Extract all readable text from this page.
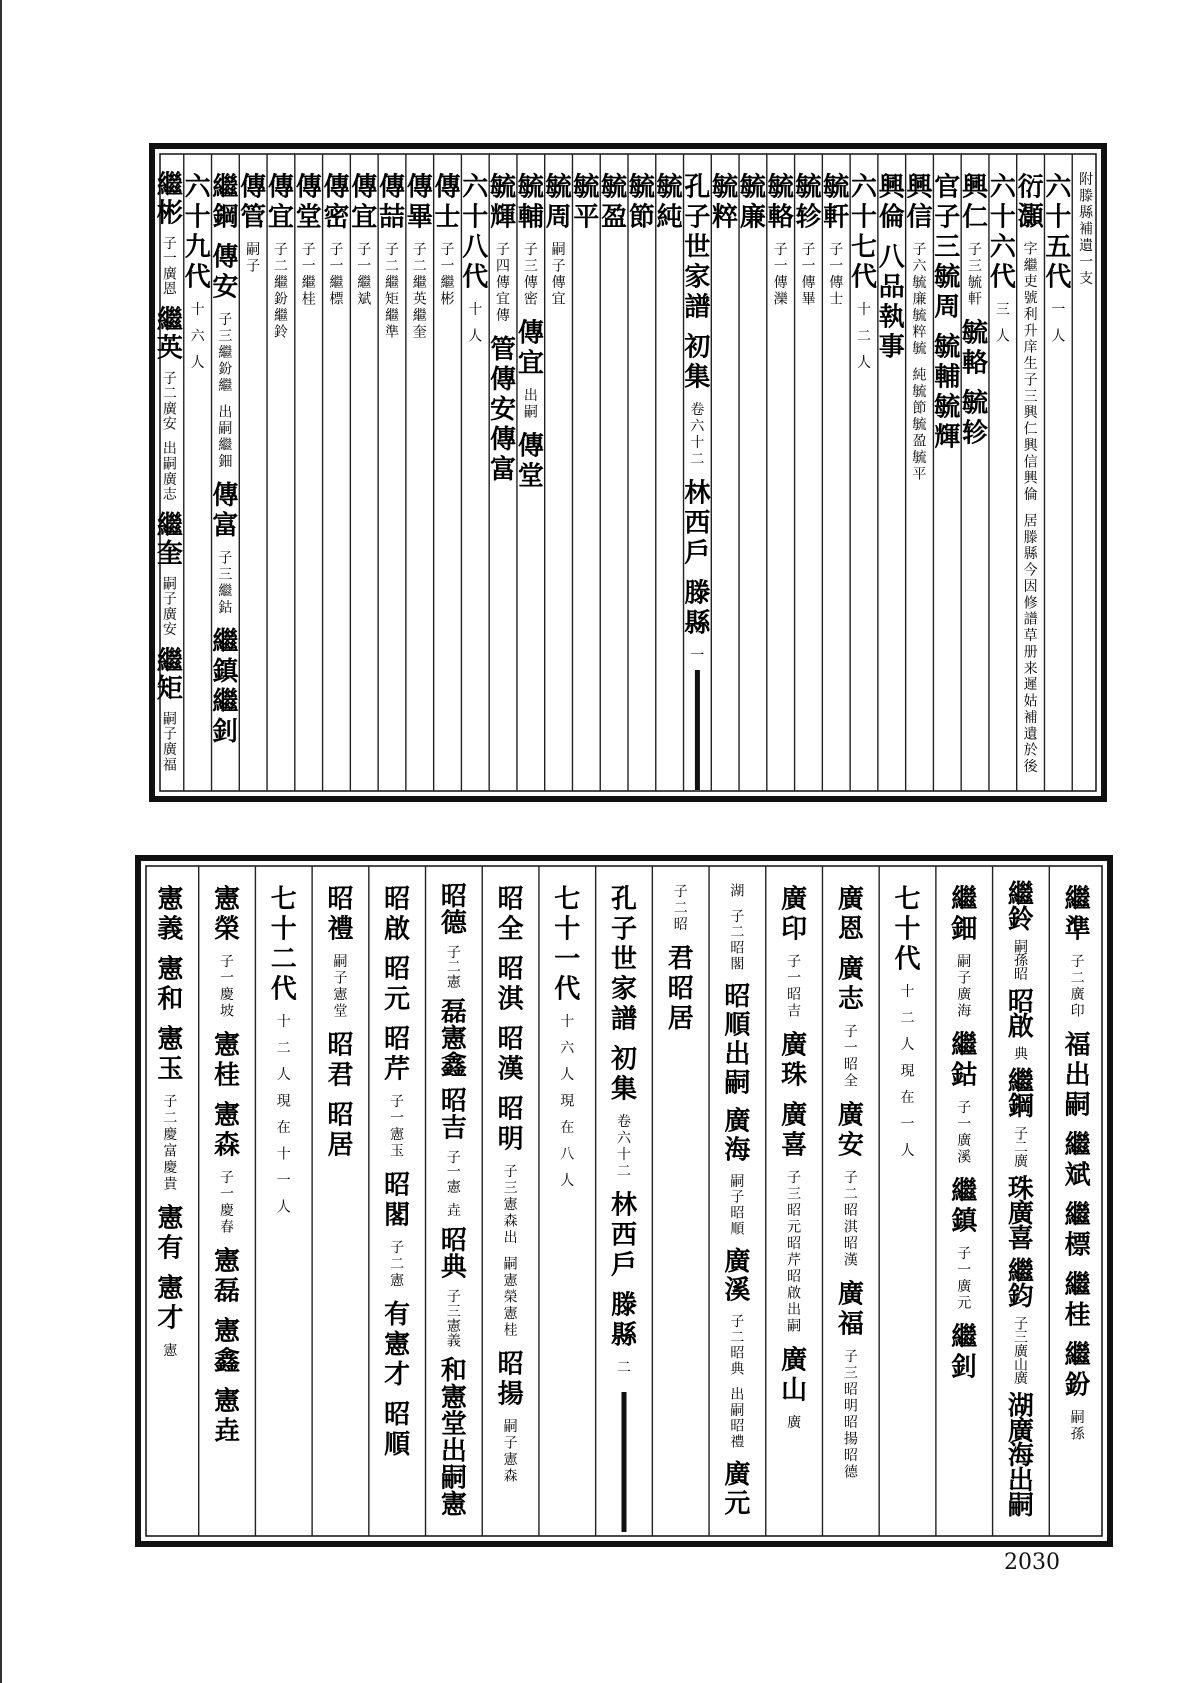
附
滕
縣
補
遺
一
支
六
十
五
代
一
人
衍
灝
字
繼
吏
號
利
升
庠
生
子
三
興
仁
興
信
興
倫
居
滕
縣
今
因
修
譜
草
册
来
遲
姑
補
遺
於
後
六
十
六
代
三
人
興
仁
子
三
毓
軒
毓
輅
毓
轸
官
子
三
毓
周
毓
輔
毓
輝
興
信
子
六
毓
廉
毓
粹
毓
純
毓
節
毓
盈
毓
平
興
倫
八
品
執
事
六
十
七
代
十
二
人
毓
軒
子
一
傳
士
毓
轸
子
一
傳
畢
毓
輅
子
一
傳
灤
毓
廉
毓
粹
孔
子
世
家
譜
初
集
卷
六
十
二
林
西
戶
滕
縣
一
毓
純
毓
節
毓
盈
毓
平
毓
周
嗣
子
傳
宜
毓
輔
子
三
傳
密
傳
宜
出
嗣
傳
堂
毓
輝
子
四
傳
宜
傳
管
傳
安
傳
富
六
十
八
代
十
人
傳
士
子
一
繼
彬
傳
畢
子
二
繼
英
繼
奎
傳
喆
子
二
繼
矩
繼
準
傳
宜
子
一
繼
斌
傳
密
子
一
繼
標
傳
堂
子
一
繼
桂
傳
宜
子
二
繼
鈖
繼
鈴
傳
管
嗣
子
繼
鋼
傳
安
子
三
繼
鈖
繼
出
嗣
繼
鈿
傳
富
子
三
繼
鈷
繼
鎮
繼
釗
六
十
九
代
十
六
人
繼
彬
子
一
廣
恩
繼
英
子
二
廣
安
出
嗣
廣
志
繼
奎
嗣
子
廣
安
繼
矩
嗣
子
廣
福
繼
準
子
二
廣
印
福
出
嗣
繼
斌
繼
標
繼
桂
繼
鈖
嗣
孫
繼
鈴
嗣
孫
昭
昭
啟
典
繼
鋼
子
二
廣
珠
廣
喜
繼
鈞
子
三
廣
山
廣
湖
廣
海
出
嗣
繼
鈿
嗣
子
廣
海
繼
鈷
子
一
廣
溪
繼
鎮
子
一
廣
元
繼
釗
七
十
代
十
二
人
現
在
一
人
廣
恩
廣
志
子
一
昭
全
廣
安
子
二
昭
淇
昭
漢
廣
福
子
三
昭
明
昭
揚
昭
德
廣
印
子
一
昭
吉
廣
珠
廣
喜
子
三
昭
元
昭
芹
昭
啟
出
嗣
廣
山
廣
湖
子
二
昭
閣
昭
順
出
嗣
廣
海
嗣
子
昭
順
廣
溪
子
二
昭
典
出
嗣
昭
禮
廣
元
子
二
昭
君
昭
居
孔
子
世
家
譜
初
集
卷
六
十
二
林
西
戶
滕
縣
二
七
十
一
代
十
六
人
現
在
八
人
昭
全
昭
淇
昭
漢
昭
明
子
三
憲
森
出
嗣
憲
榮
憲
桂
昭
揚
嗣
子
憲
森
昭
德
子
二
憲
磊
憲
鑫
昭
吉
子
一
憲
垚
昭
典
子
三
憲
義
和
憲
堂
出
嗣
憲
昭
啟
昭
元
昭
芹
子
一
憲
玉
昭
閣
子
二
憲
有
憲
才
昭
順
昭
禮
嗣
子
憲
堂
昭
君
昭
居
七
十
二
代
十
二
人
現
在
十
一
人
憲
榮
子
一
慶
坡
憲
桂
憲
森
子
一
慶
春
憲
磊
憲
鑫
憲
垚
憲
義
憲
和
憲
玉
子
二
慶
富
慶
貴
憲
有
憲
才
憲
2030
